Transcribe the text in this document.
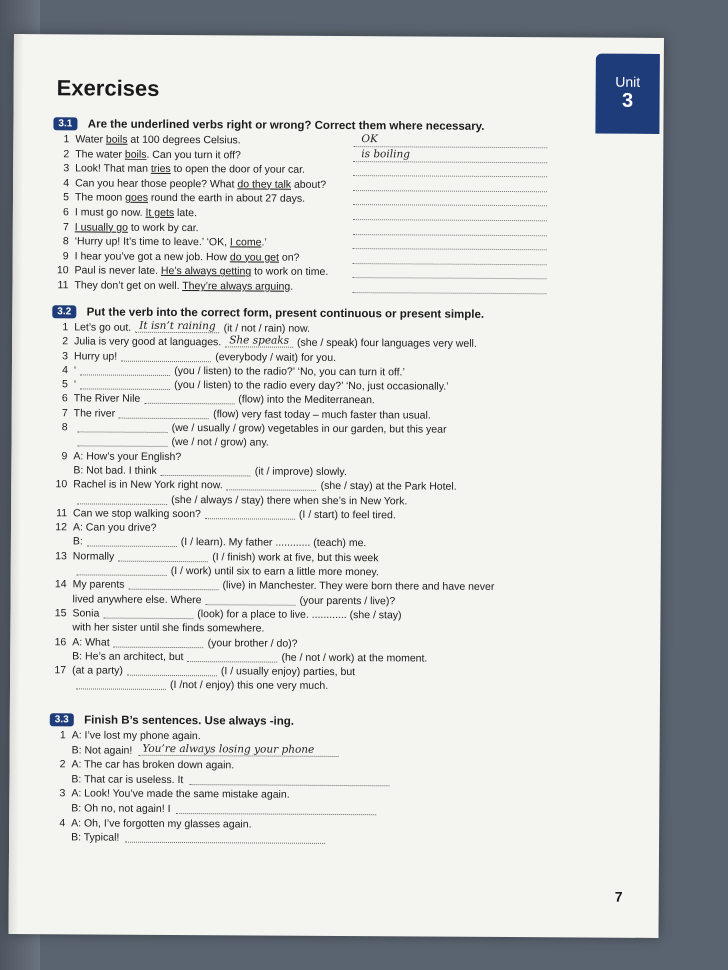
Unit
3
Exercises
3.1 Are the underlined verbs right or wrong? Correct them where necessary.
1 Water boils at 100 degrees Celsius.	OK
2 The water boils. Can you turn it off?	is boiling
3 Look! That man tries to open the door of your car.
4 Can you hear those people? What do they talk about?
5 The moon goes round the earth in about 27 days.
6 I must go now. It gets late.
7 I usually go to work by car.
8 ‘Hurry up! It’s time to leave.’ ‘OK, I come.’
9 I hear you’ve got a new job. How do you get on?
10 Paul is never late. He’s always getting to work on time.
11 They don’t get on well. They’re always arguing.
3.2 Put the verb into the correct form, present continuous or present simple.
1 Let’s go out. It isn’t raining (it / not / rain) now.
2 Julia is very good at languages. She speaks (she / speak) four languages very well.
3 Hurry up!	(everybody / wait) for you.
4 ‘	(you / listen) to the radio?’ ‘No, you can turn it off.’
5 ‘	(you / listen) to the radio every day?’ ‘No, just occasionally.’
6 The River Nile	(flow) into the Mediterranean.
7 The river	(flow) very fast today – much faster than usual.
8	(we / usually / grow) vegetables in our garden, but this year
(we / not / grow) any.
9 A: How’s your English?
B: Not bad. I think	(it / improve) slowly.
10 Rachel is in New York right now.	(she / stay) at the Park Hotel.
(she / always / stay) there when she’s in New York.
11 Can we stop walking soon?	(I / start) to feel tired.
12 A: Can you drive?
B:	(I / learn). My father ............ (teach) me.
13 Normally	(I / finish) work at five, but this week
(I / work) until six to earn a little more money.
14 My parents	(live) in Manchester. They were born there and have never
lived anywhere else. Where	(your parents / live)?
15 Sonia	(look) for a place to live. ............ (she / stay)
with her sister until she finds somewhere.
16 A: What	(your brother / do)?
B: He’s an architect, but	(he / not / work) at the moment.
17 (at a party)	(I / usually enjoy) parties, but
(I /not / enjoy) this one very much.
3.3 Finish B’s sentences. Use always -ing.
1 A: I’ve lost my phone again.
B: Not again! You’re always losing your phone
2 A: The car has broken down again.
B: That car is useless. It
3 A: Look! You’ve made the same mistake again.
B: Oh no, not again! I
4 A: Oh, I’ve forgotten my glasses again.
B: Typical!
7
